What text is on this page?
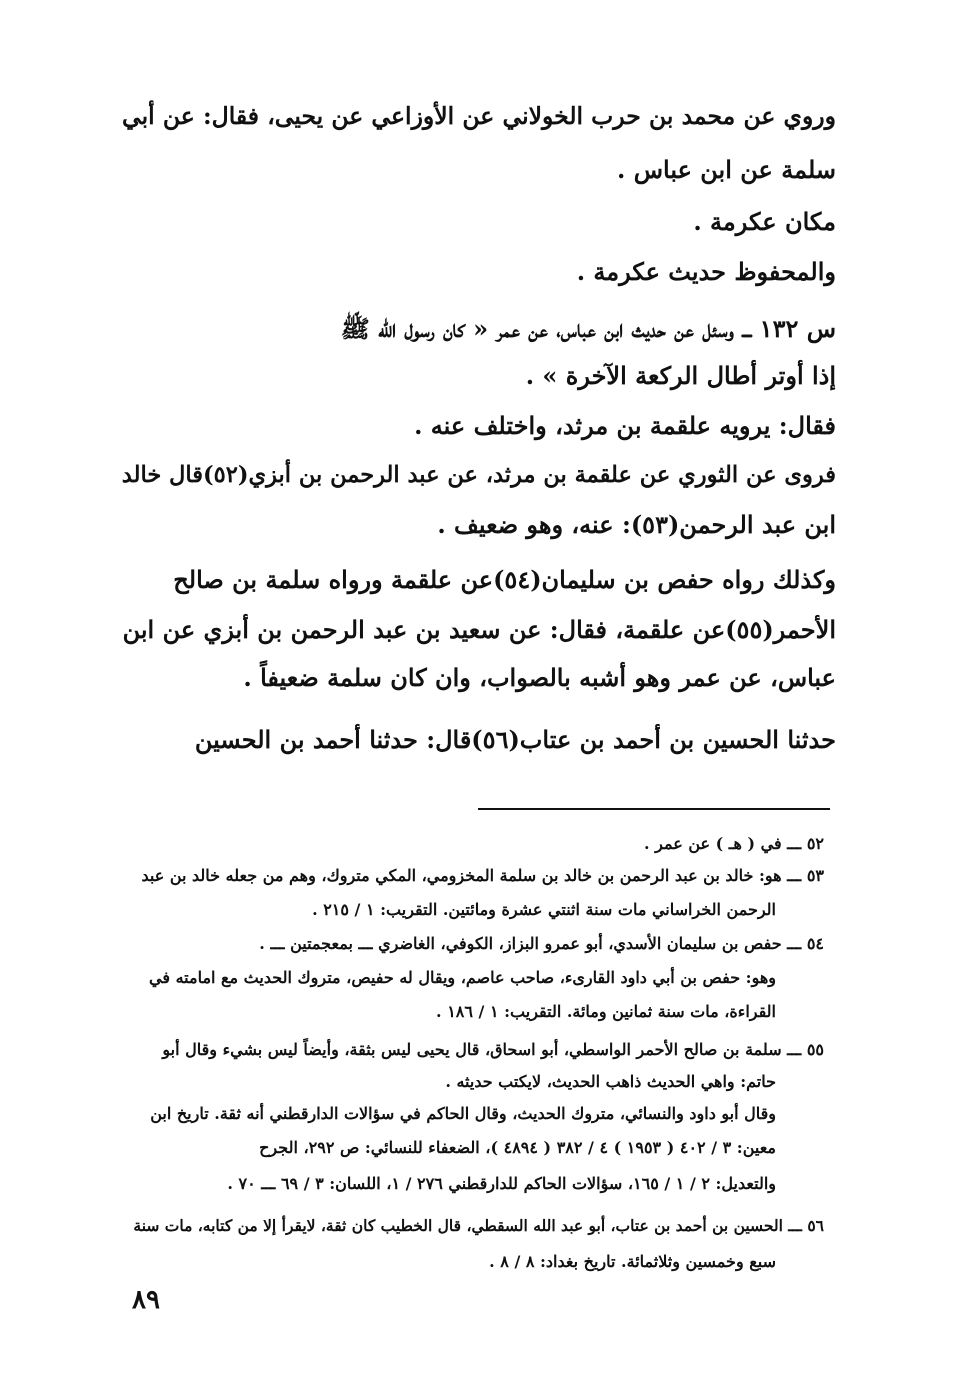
وروي عن محمد بن حرب الخولاني عن الأوزاعي عن يحيى، فقال: عن أبي
سلمة عن ابن عباس .
مكان عكرمة .
والمحفوظ حديث عكرمة .
س ١٣٢ ـــ وسئل عن حديث ابن عباس، عن عمر « كان رسول الله ﷺ
إذا أوتر أطال الركعة الآخرة » .
فقال: يرويه علقمة بن مرثد، واختلف عنه .
فروى عن الثوري عن علقمة بن مرثد، عن عبد الرحمن بن أبزي(٥٢)قال خالد
ابن عبد الرحمن(٥٣): عنه، وهو ضعيف .
وكذلك رواه حفص بن سليمان(٥٤)عن علقمة ورواه سلمة بن صالح
الأحمر(٥٥)عن علقمة، فقال: عن سعيد بن عبد الرحمن بن أبزي عن ابن
عباس، عن عمر وهو أشبه بالصواب، وان كان سلمة ضعيفاً .
حدثنا الحسين بن أحمد بن عتاب(٥٦)قال: حدثنا أحمد بن الحسين
٥٢ ـــ في ( هـ ) عن عمر .
٥٣ ـــ هو: خالد بن عبد الرحمن بن خالد بن سلمة المخزومي، المكي متروك، وهم من جعله خالد بن عبد
الرحمن الخراساني مات سنة اثنتي عشرة ومائتين. التقريب: ١ / ٢١٥ .
٥٤ ـــ حفص بن سليمان الأسدي، أبو عمرو البزاز، الكوفي، الغاضري ـــ بمعجمتين ـــ .
وهو: حفص بن أبي داود القارىء، صاحب عاصم، ويقال له حفيص، متروك الحديث مع امامته في
القراءة، مات سنة ثمانين ومائة. التقريب: ١ / ١٨٦ .
٥٥ ـــ سلمة بن صالح الأحمر الواسطي، أبو اسحاق، قال يحيى ليس بثقة، وأيضاً ليس بشيء وقال أبو
حاتم: واهي الحديث ذاهب الحديث، لايكتب حديثه .
وقال أبو داود والنسائي، متروك الحديث، وقال الحاكم في سؤالات الدارقطني أنه ثقة. تاريخ ابن
معين: ٣ / ٤٠٢ ( ١٩٥٣ ) ٤ / ٣٨٢ ( ٤٨٩٤ )، الضعفاء للنسائي: ص ٢٩٢، الجرح
والتعديل: ٢ / ١ / ١٦٥، سؤالات الحاكم للدارقطني ٢٧٦ / ١، اللسان: ٣ / ٦٩ ـــ ٧٠ .
٥٦ ـــ الحسين بن أحمد بن عتاب، أبو عبد الله السقطي، قال الخطيب كان ثقة، لايقرأ إلا من كتابه، مات سنة
سبع وخمسين وثلاثمائة. تاريخ بغداد: ٨ / ٨ .
٨٩
